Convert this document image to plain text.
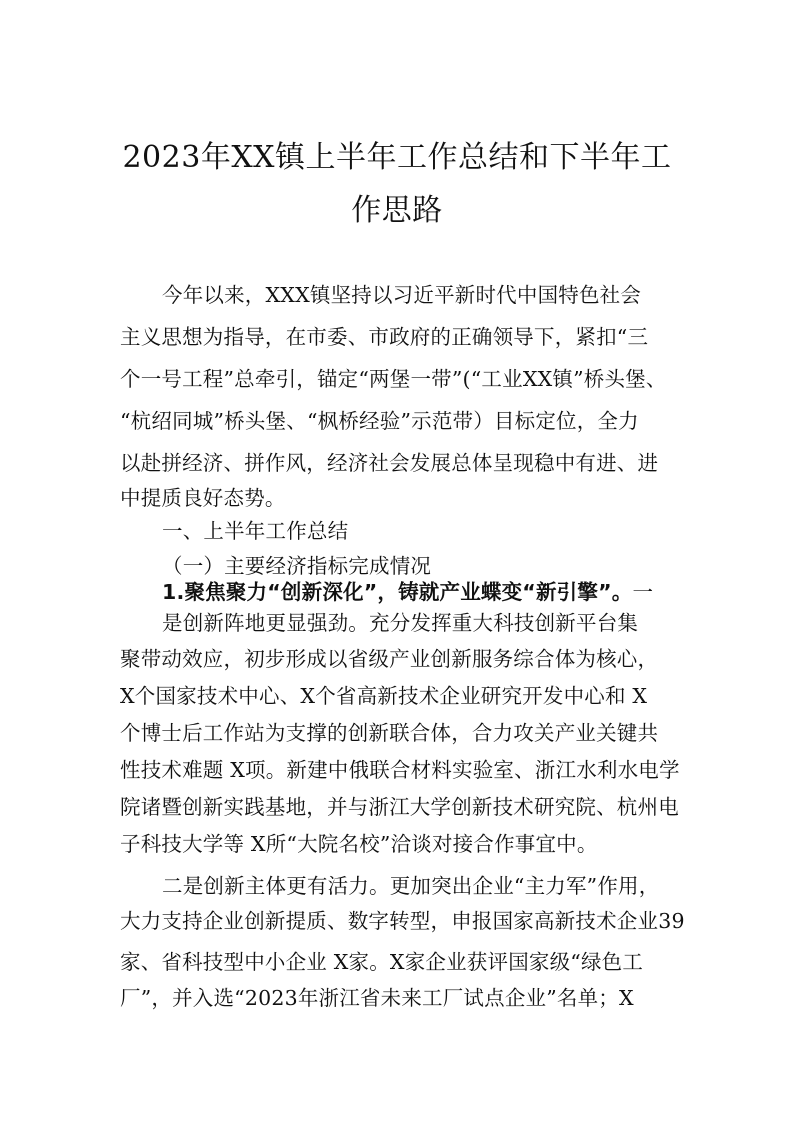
2023年XX镇上半年工作总结和下半年工
作思路
今年以来，XXX镇坚持以习近平新时代中国特色社会
主义思想为指导，在市委、市政府的正确领导下，紧扣“三
个一号工程”总牵引，锚定“两堡一带”(“工业XX镇”桥头堡、
“杭绍同城”桥头堡、“枫桥经验”示范带）目标定位，全力
以赴拼经济、拼作风，经济社会发展总体呈现稳中有进、进
中提质良好态势。
一、上半年工作总结
（一）主要经济指标完成情况
1.聚焦聚力“创新深化”，铸就产业蝶变“新引擎”。一
是创新阵地更显强劲。充分发挥重大科技创新平台集
聚带动效应，初步形成以省级产业创新服务综合体为核心，
X个国家技术中心、X个省高新技术企业研究开发中心和 X
个博士后工作站为支撑的创新联合体，合力攻关产业关键共
性技术难题 X项。新建中俄联合材料实验室、浙江水利水电学
院诸暨创新实践基地，并与浙江大学创新技术研究院、杭州电
子科技大学等 X所“大院名校”洽谈对接合作事宜中。
二是创新主体更有活力。更加突出企业“主力军”作用，
大力支持企业创新提质、数字转型，申报国家高新技术企业39
家、省科技型中小企业 X家。X家企业获评国家级“绿色工
厂”，并入选“2023年浙江省未来工厂试点企业”名单；X
